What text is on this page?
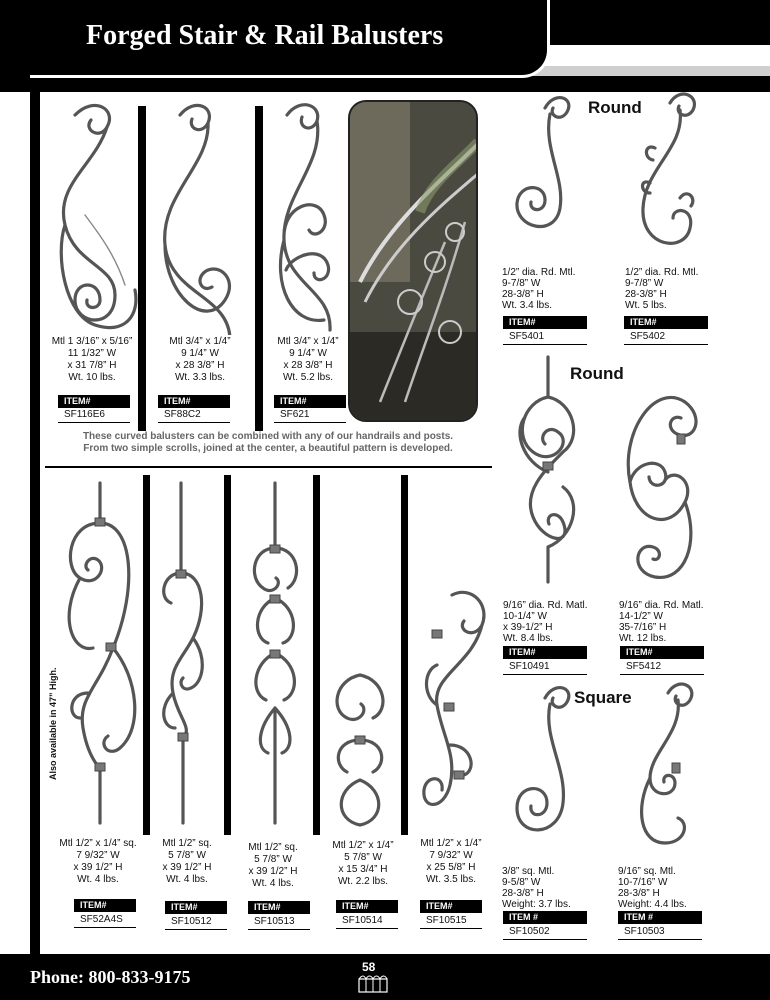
Forged Stair & Rail Balusters
Mtl 1 3/16” x 5/16”
11 1/32” W
x 31 7/8” H
Wt. 10 lbs.
Mtl 3/4” x 1/4”
9 1/4” W
x 28 3/8” H
Wt. 3.3 lbs.
Mtl 3/4” x 1/4”
9 1/4” W
x 28 3/8” H
Wt. 5.2 lbs.
ITEM#
SF116E6
ITEM#
SF88C2
ITEM#
SF621
These curved balusters can be combined with any of our handrails and posts.
From two simple scrolls, joined at the center, a beautiful pattern is developed.
Round
1/2” dia. Rd. Mtl.
9-7/8” W
28-3/8” H
Wt. 3.4 lbs.
1/2” dia. Rd. Mtl.
9-7/8” W
28-3/8” H
Wt. 5 lbs.
ITEM#
SF5401
ITEM#
SF5402
Round
9/16” dia. Rd. Matl.
10-1/4” W
x 39-1/2” H
Wt. 8.4 lbs.
9/16” dia. Rd. Matl.
14-1/2” W
35-7/16” H
Wt. 12 lbs.
ITEM#
SF10491
ITEM#
SF5412
Square
3/8” sq. Mtl.
9-5/8” W
28-3/8” H
Weight: 3.7 lbs.
9/16” sq. Mtl.
10-7/16” W
28-3/8” H
Weight: 4.4 lbs.
ITEM #
SF10502
ITEM #
SF10503
Also available in 47” High.
Mtl 1/2” x 1/4” sq.
7 9/32” W
x 39 1/2” H
Wt. 4 lbs.
Mtl 1/2” sq.
5 7/8” W
x 39 1/2” H
Wt. 4 lbs.
Mtl 1/2” sq.
5 7/8” W
x 39 1/2” H
Wt. 4 lbs.
Mtl 1/2” x 1/4”
5 7/8” W
x 15 3/4” H
Wt. 2.2 lbs.
Mtl 1/2” x 1/4”
7 9/32” W
x 25 5/8” H
Wt. 3.5 lbs.
ITEM#
SF52A4S
ITEM#
SF10512
ITEM#
SF10513
ITEM#
SF10514
ITEM#
SF10515
Phone: 800-833-9175	58
